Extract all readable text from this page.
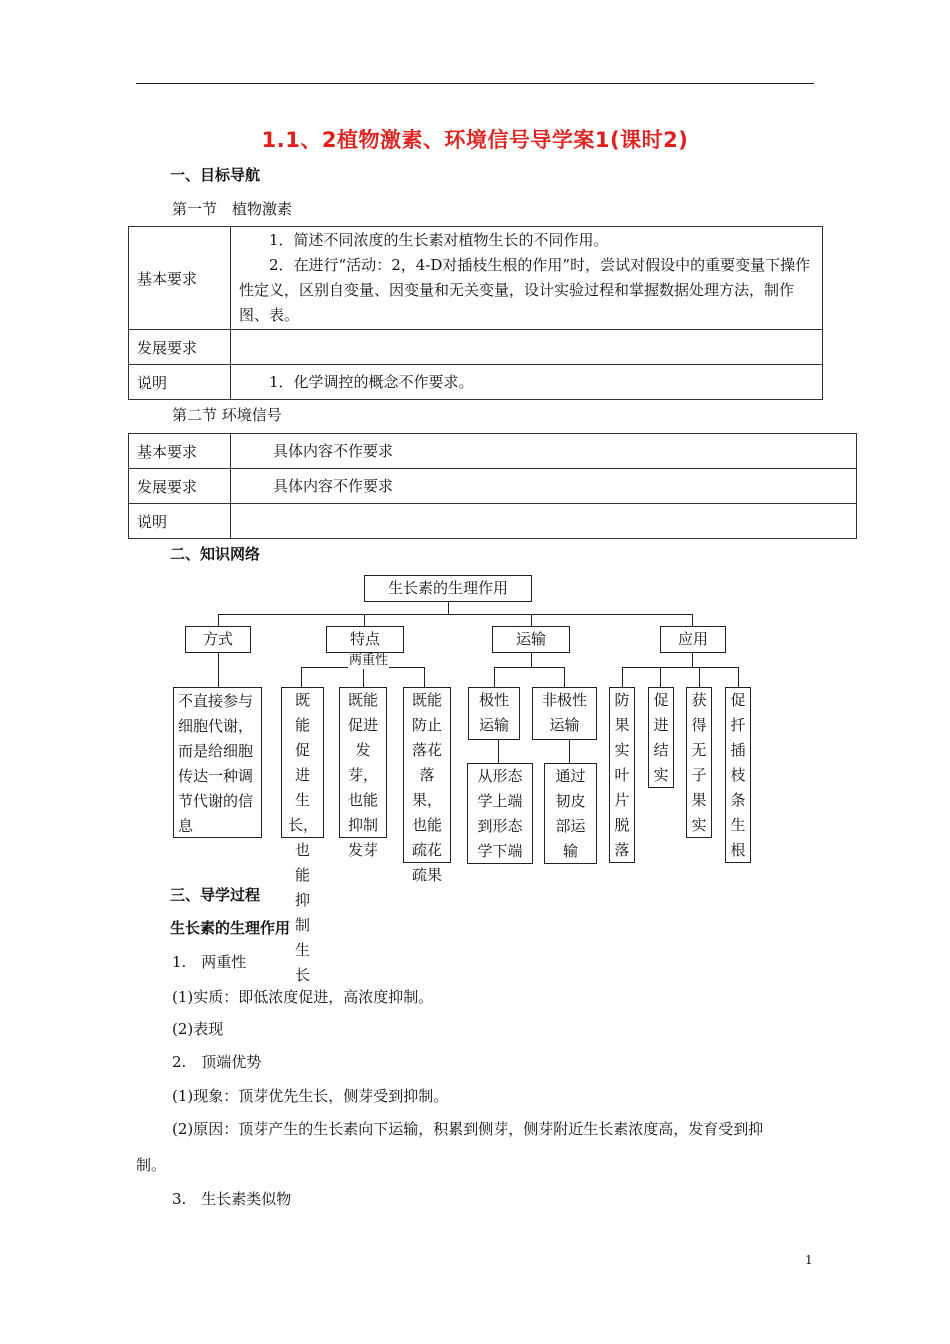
1.1、2植物激素、环境信号导学案1(课时2)
一、目标导航
第一节　植物激素
基本要求	1．简述不同浓度的生长素对植物生长的不同作用。
2．在进行“活动：2，4-D对插枝生根的作用”时，尝试对假设中的重要变量下操作性定义，区别自变量、因变量和无关变量，设计实验过程和掌握数据处理方法，制作图、表。

发展要求	
说明	1．化学调控的概念不作要求。
第二节 环境信号
基本要求	具体内容不作要求
发展要求	具体内容不作要求
说明	
二、知识网络
生长素的生理作用
方式	特点
两重性
运输	应用
不直接参与细胞代谢，而是给细胞传达一种调节代谢的信息
既能促进生长，也能抑制生长
既能促进发芽，也能抑制发芽
既能防止落花落果，也能疏花疏果
极性运输
非极性运输
从形态学上端到形态学下端
通过韧皮部运输
防果实叶片脱落
促进结实
获得无子果实
促扦插枝条生根
三、导学过程
生长素的生理作用
1.　两重性
(1)实质：即低浓度促进，高浓度抑制。
(2)表现
2.　顶端优势
(1)现象：顶芽优先生长，侧芽受到抑制。
(2)原因：顶芽产生的生长素向下运输，积累到侧芽，侧芽附近生长素浓度高，发育受到抑
制。
3.　生长素类似物
1
